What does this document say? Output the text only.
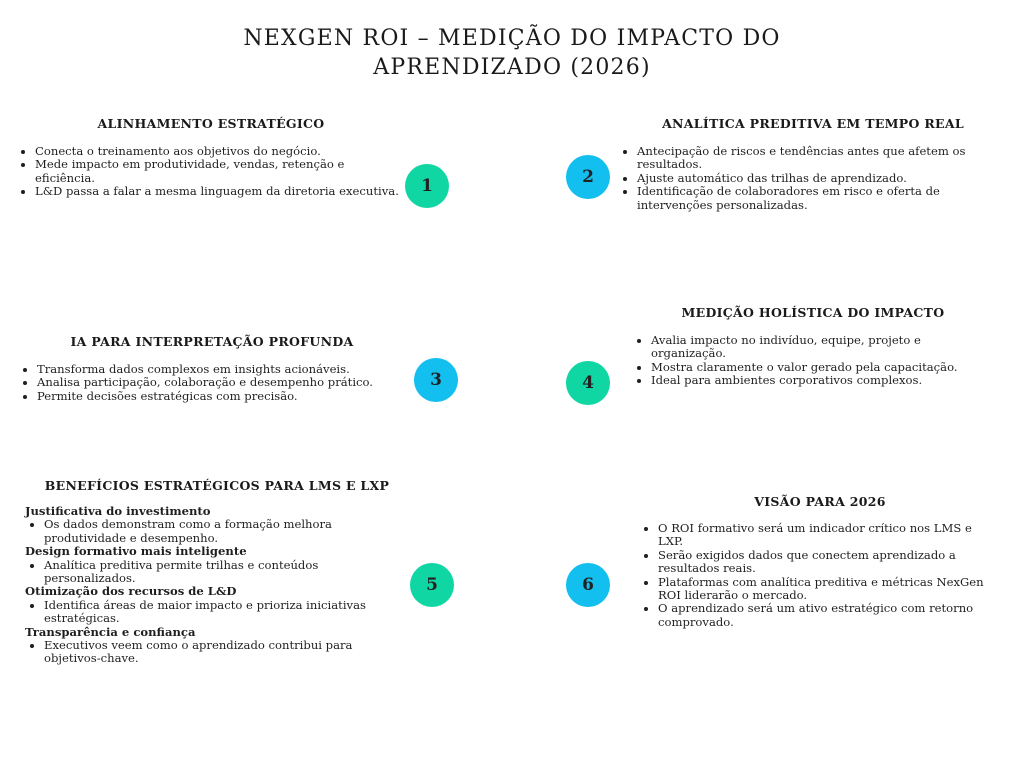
NEXGEN ROI – MEDIÇÃO DO IMPACTO DO
APRENDIZADO (2026)
ALINHAMENTO ESTRATÉGICO
• Conecta o treinamento aos objetivos do negócio.
• Mede impacto em produtividade, vendas, retenção e eficiência.
• L&D passa a falar a mesma linguagem da diretoria executiva.	1
ANALÍTICA PREDITIVA EM TEMPO REAL
• Antecipação de riscos e tendências antes que afetem os resultados.
• Ajuste automático das trilhas de aprendizado.
• Identificação de colaboradores em risco e oferta de intervenções personalizadas.
2
IA PARA INTERPRETAÇÃO PROFUNDA
• Transforma dados complexos em insights acionáveis.
• Analisa participação, colaboração e desempenho prático.
• Permite decisões estratégicas com precisão.
3
MEDIÇÃO HOLÍSTICA DO IMPACTO
• Avalia impacto no indivíduo, equipe, projeto e organização.
• Mostra claramente o valor gerado pela capacitação.
• Ideal para ambientes corporativos complexos.
4
BENEFÍCIOS ESTRATÉGICOS PARA LMS E LXP
Justificativa do investimento
• Os dados demonstram como a formação melhora produtividade e desempenho.
Design formativo mais inteligente
• Analítica preditiva permite trilhas e conteúdos personalizados.
Otimização dos recursos de L&D
• Identifica áreas de maior impacto e prioriza iniciativas estratégicas.
Transparência e confiança
• Executivos veem como o aprendizado contribui para objetivos-chave.
5
VISÃO PARA 2026
• O ROI formativo será um indicador crítico nos LMS e LXP.
• Serão exigidos dados que conectem aprendizado a resultados reais.
• Plataformas com analítica preditiva e métricas NexGen ROI liderarão o mercado.
• O aprendizado será um ativo estratégico com retorno comprovado.
6
